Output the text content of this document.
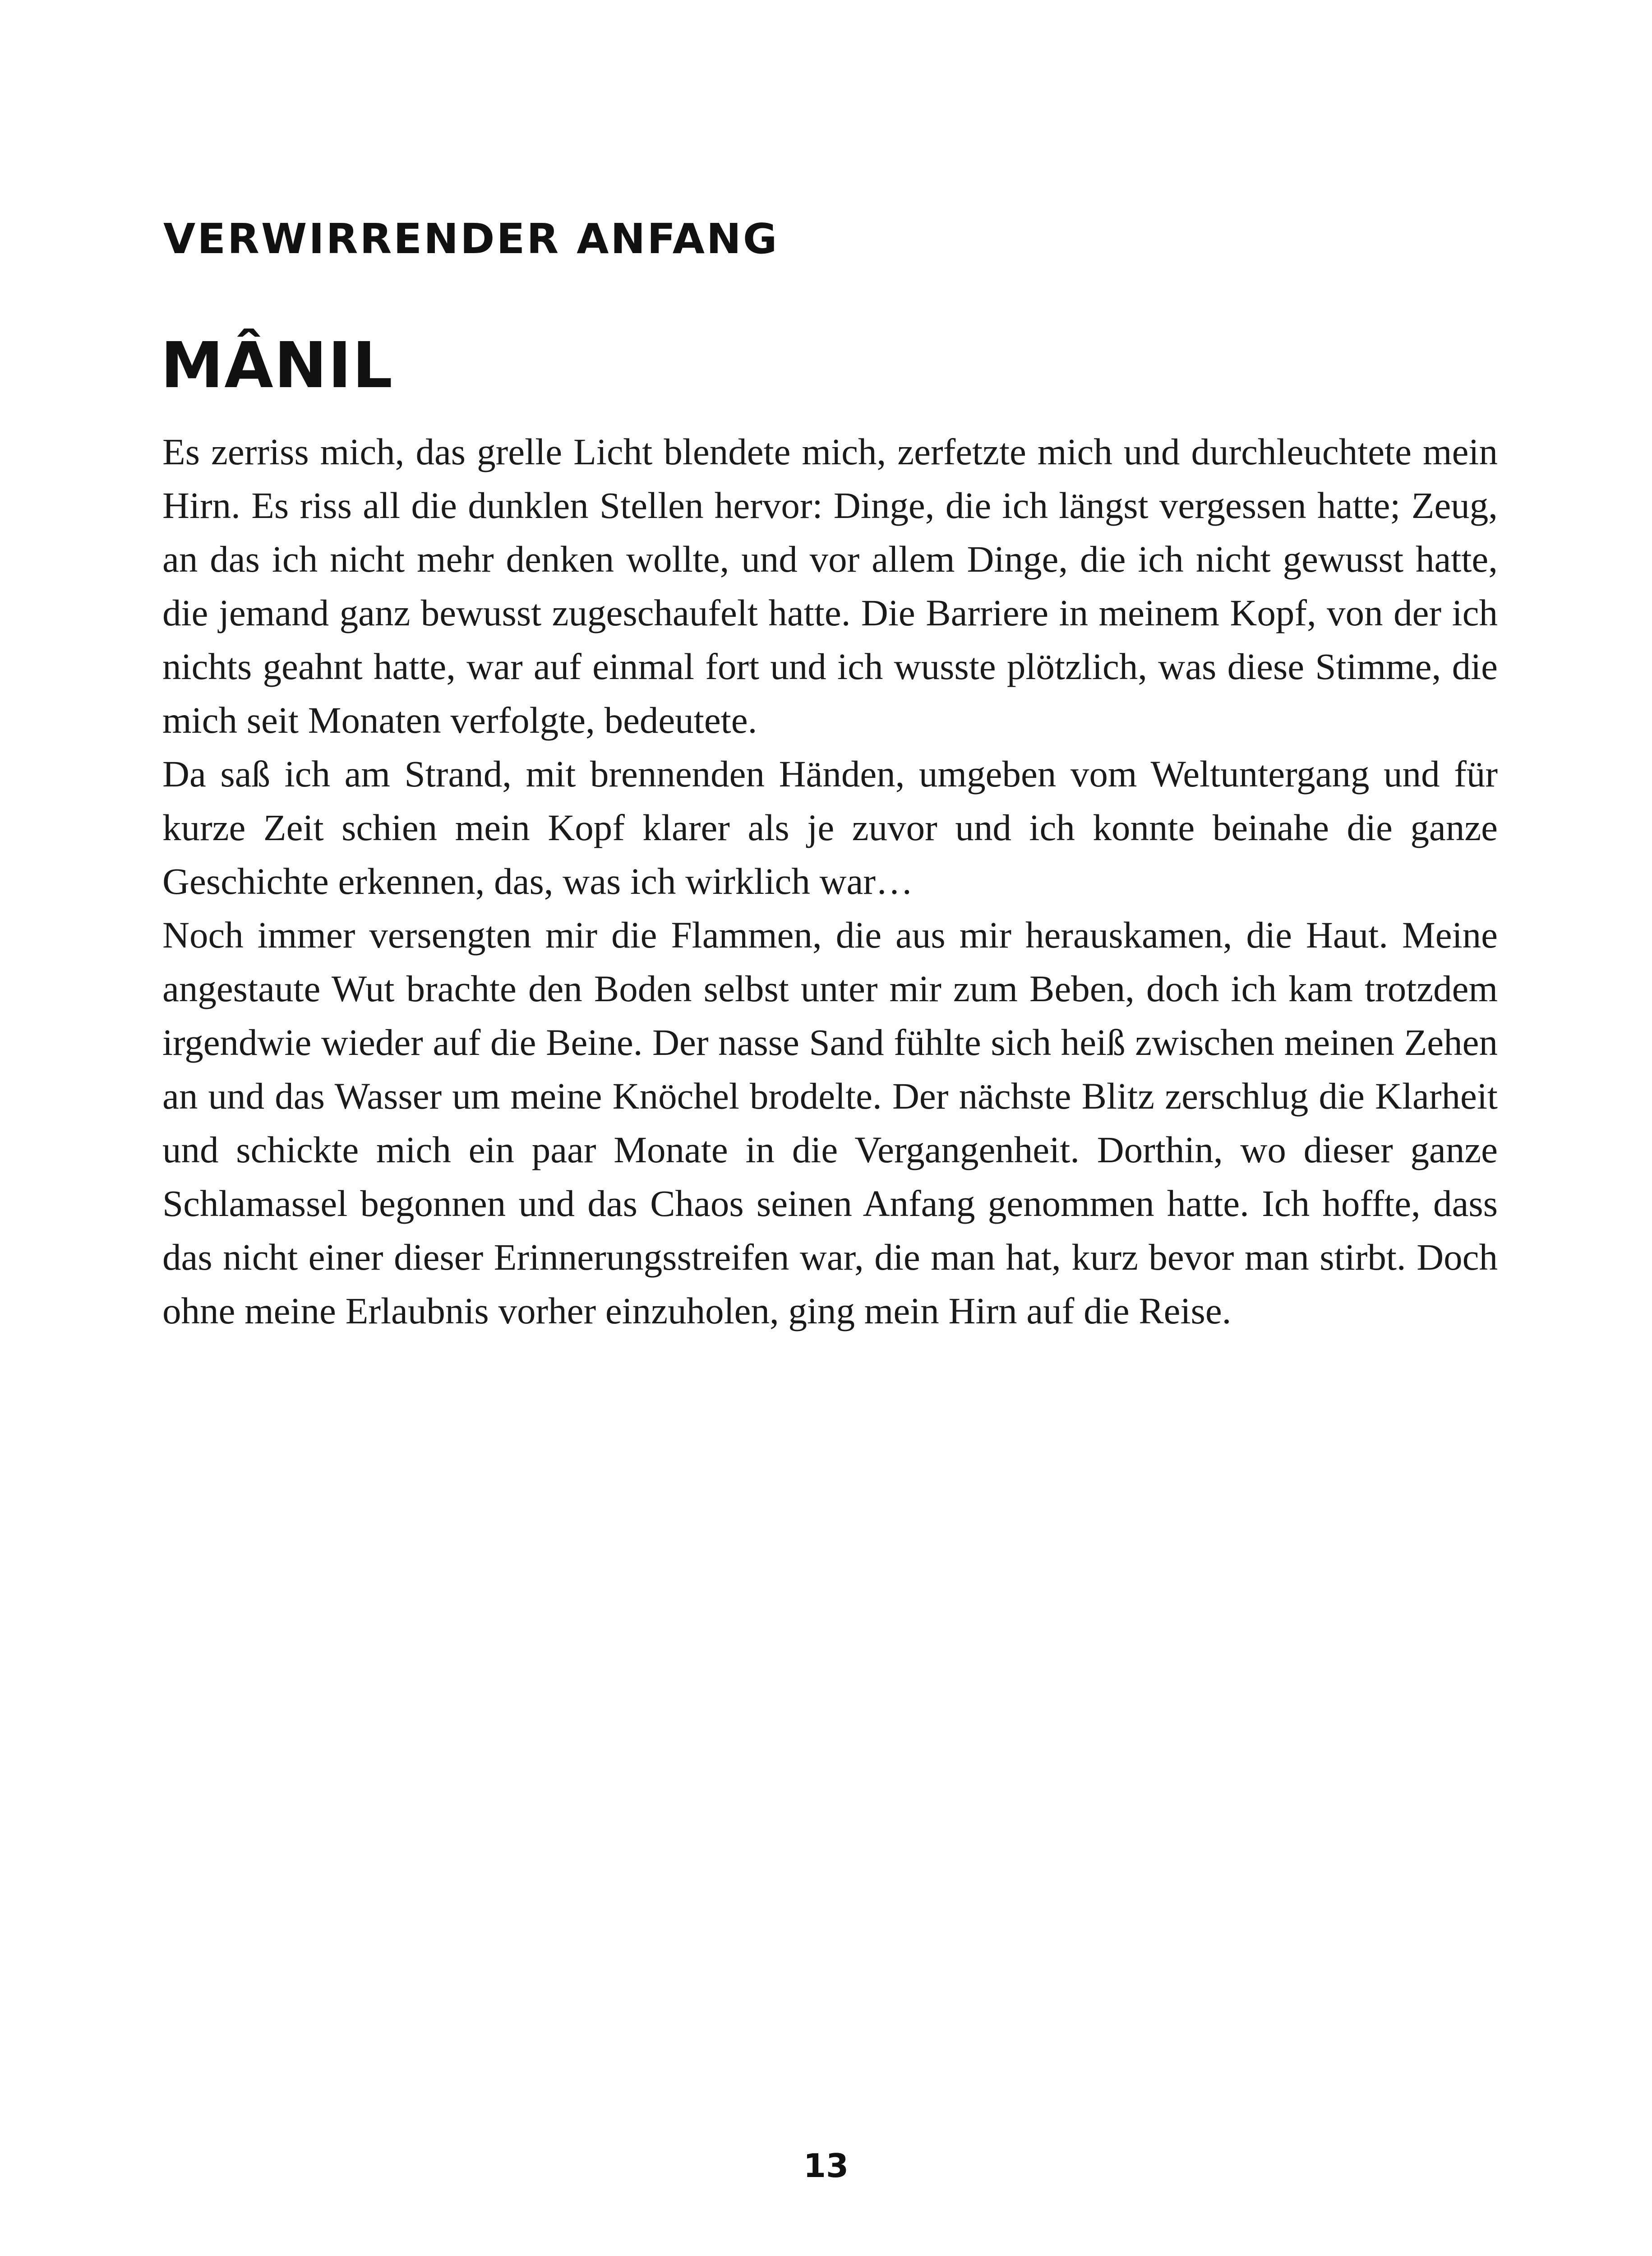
VERWIRRENDER ANFANG
MÂNIL

Es zerriss mich, das grelle Licht blendete mich, zerfetzte mich und durchleuchtete mein Hirn. Es riss all die dunklen Stellen hervor: Dinge, die ich längst vergessen hatte; Zeug, an das ich nicht mehr denken wollte, und vor allem Dinge, die ich nicht gewusst hatte, die jemand ganz bewusst zugeschaufelt hatte. Die Barriere in meinem Kopf, von der ich nichts geahnt hatte, war auf einmal fort und ich wusste plötzlich, was diese Stimme, die mich seit Monaten verfolgte, bedeutete.

Da saß ich am Strand, mit brennenden Händen, umgeben vom Weltuntergang und für kurze Zeit schien mein Kopf klarer als je zuvor und ich konnte beinahe die ganze Geschichte erkennen, das, was ich wirklich war…

Noch immer versengten mir die Flammen, die aus mir herauskamen, die Haut. Meine angestaute Wut brachte den Boden selbst unter mir zum Beben, doch ich kam trotzdem irgendwie wieder auf die Beine. Der nasse Sand fühlte sich heiß zwischen meinen Zehen an und das Wasser um meine Knöchel brodelte. Der nächste Blitz zerschlug die Klarheit und schickte mich ein paar Monate in die Vergangenheit. Dorthin, wo dieser ganze Schlamassel begonnen und das Chaos seinen Anfang genommen hatte. Ich hoffte, dass das nicht einer dieser Erinnerungsstreifen war, die man hat, kurz bevor man stirbt. Doch ohne meine Erlaubnis vorher einzuholen, ging mein Hirn auf die Reise.

13
